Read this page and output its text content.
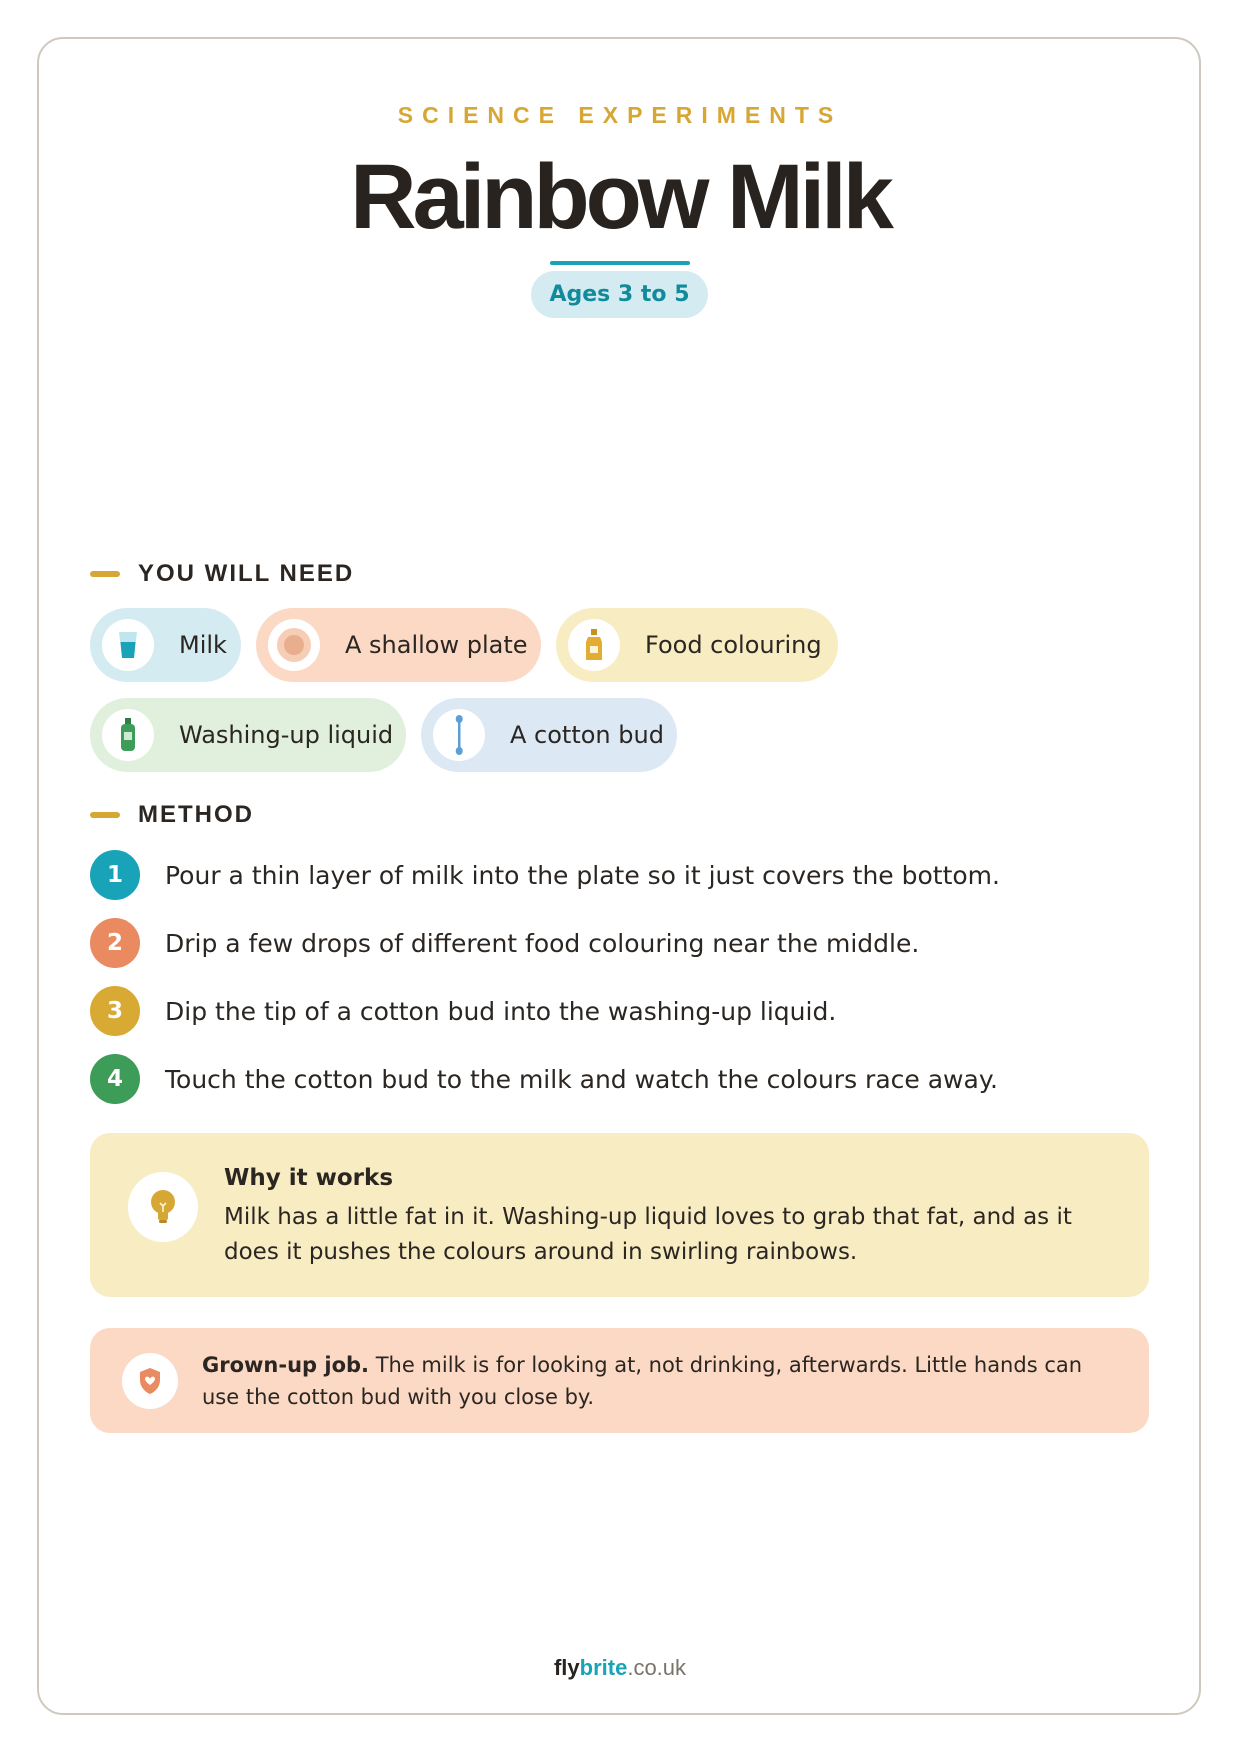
SCIENCE EXPERIMENTS
Rainbow Milk
Ages 3 to 5
YOU WILL NEED
Milk	A shallow plate	Food colouring
Washing-up liquid	A cotton bud
METHOD
1	Pour a thin layer of milk into the plate so it just covers the bottom.
2	Drip a few drops of different food colouring near the middle.
3	Dip the tip of a cotton bud into the washing-up liquid.
4	Touch the cotton bud to the milk and watch the colours race away.
Why it works
Milk has a little fat in it. Washing-up liquid loves to grab that fat, and as it does it pushes the colours around in swirling rainbows.
Grown-up job. The milk is for looking at, not drinking, afterwards. Little hands can use the cotton bud with you close by.
flybrite.co.uk
